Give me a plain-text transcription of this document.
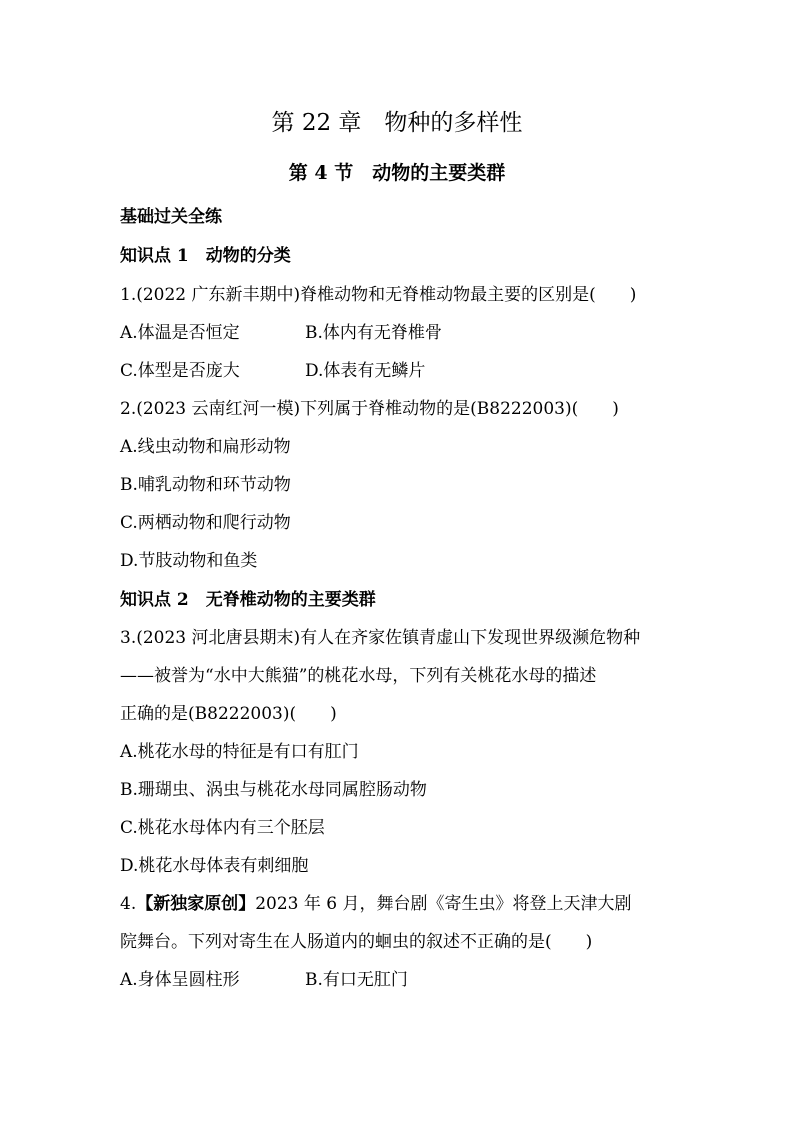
第 22 章　物种的多样性
第 4 节　动物的主要类群
基础过关全练
知识点 1　动物的分类
1.(2022 广东新丰期中)脊椎动物和无脊椎动物最主要的区别是(　　)
A.体温是否恒定	B.体内有无脊椎骨
C.体型是否庞大	D.体表有无鳞片
2.(2023 云南红河一模)下列属于脊椎动物的是(B8222003)(　　)
A.线虫动物和扁形动物
B.哺乳动物和环节动物
C.两栖动物和爬行动物
D.节肢动物和鱼类
知识点 2　无脊椎动物的主要类群
3.(2023 河北唐县期末)有人在齐家佐镇青虚山下发现世界级濒危物种
——被誉为“水中大熊猫”的桃花水母，下列有关桃花水母的描述
正确的是(B8222003)(　　)
A.桃花水母的特征是有口有肛门
B.珊瑚虫、涡虫与桃花水母同属腔肠动物
C.桃花水母体内有三个胚层
D.桃花水母体表有刺细胞
4.【新独家原创】2023 年 6 月，舞台剧《寄生虫》将登上天津大剧
院舞台。下列对寄生在人肠道内的蛔虫的叙述不正确的是(　　)
A.身体呈圆柱形	B.有口无肛门
